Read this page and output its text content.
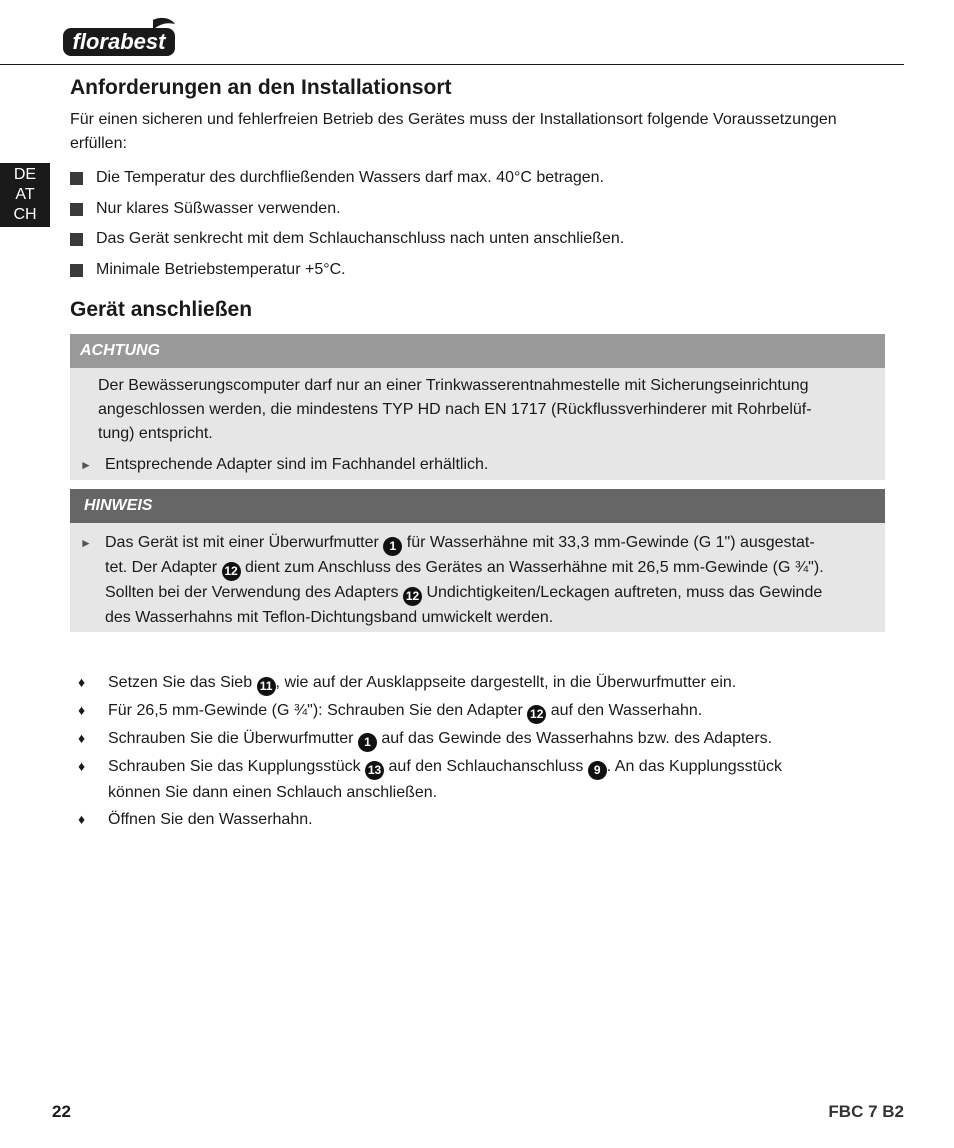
florabest
DE
AT
CH
Anforderungen an den Installationsort
Für einen sicheren und fehlerfreien Betrieb des Gerätes muss der Installationsort folgende Voraussetzungen
erfüllen:
Die Temperatur des durchfließenden Wassers darf max. 40°C betragen.
Nur klares Süßwasser verwenden.
Das Gerät senkrecht mit dem Schlauchanschluss nach unten anschließen.
Minimale Betriebstemperatur +5°C.
Gerät anschließen
ACHTUNG
Der Bewässerungscomputer darf nur an einer Trinkwasserentnahmestelle mit Sicherungseinrichtung
angeschlossen werden, die mindestens TYP HD nach EN 1717 (Rückflussverhinderer mit Rohrbelüf-
tung) entspricht.
► Entsprechende Adapter sind im Fachhandel erhältlich.
HINWEIS
► Das Gerät ist mit einer Überwurfmutter 1 für Wasserhähne mit 33,3 mm-Gewinde (G 1") ausgestat-
tet. Der Adapter 12 dient zum Anschluss des Gerätes an Wasserhähne mit 26,5 mm-Gewinde (G ¾").
Sollten bei der Verwendung des Adapters 12 Undichtigkeiten/Leckagen auftreten, muss das Gewinde
des Wasserhahns mit Teflon-Dichtungsband umwickelt werden.
♦ Setzen Sie das Sieb 11 , wie auf der Ausklappseite dargestellt, in die Überwurfmutter ein.
♦ Für 26,5 mm-Gewinde (G ¾"): Schrauben Sie den Adapter 12 auf den Wasserhahn.
♦ Schrauben Sie die Überwurfmutter 1 auf das Gewinde des Wasserhahns bzw. des Adapters.
♦ Schrauben Sie das Kupplungsstück 13 auf den Schlauchanschluss 9 . An das Kupplungsstück
können Sie dann einen Schlauch anschließen.
♦ Öffnen Sie den Wasserhahn.
22	FBC 7 B2
